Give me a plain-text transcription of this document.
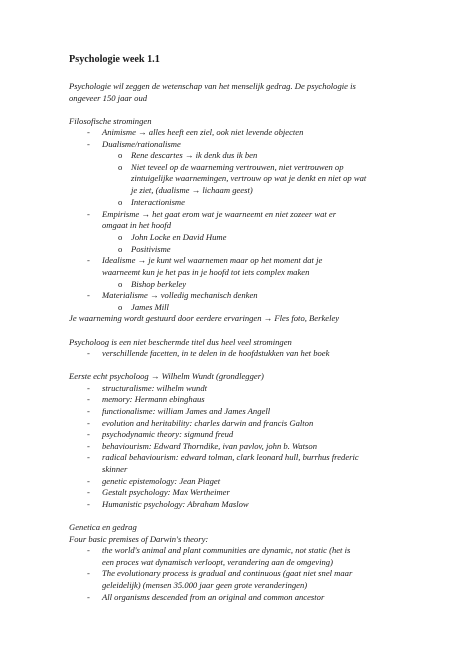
Psychologie week 1.1
Psychologie wil zeggen de wetenschap van het menselijk gedrag. De psychologie is
ongeveer 150 jaar oud
Filosofische stromingen
- Animisme → alles heeft een ziel, ook niet levende objecten
- Dualisme/rationalisme
o Rene descartes → ik denk dus ik ben
o Niet teveel op de waarneming vertrouwen, niet vertrouwen op
zintuigelijke waarnemingen, vertrouw op wat je denkt en niet op wat
je ziet, (dualisme → lichaam geest)
o Interactionisme
- Empirisme → het gaat erom wat je waarneemt en niet zozeer wat er
omgaat in het hoofd
o John Locke en David Hume
o Positivisme
- Idealisme → je kunt wel waarnemen maar op het moment dat je
waarneemt kun je het pas in je hoofd tot iets complex maken
o Bishop berkeley
- Materialisme → volledig mechanisch denken
o James Mill
Je waarneming wordt gestuurd door eerdere ervaringen → Fles foto, Berkeley
Psycholoog is een niet beschermde titel dus heel veel stromingen
- verschillende facetten, in te delen in de hoofdstukken van het boek
Eerste echt psycholoog → Wilhelm Wundt (grondlegger)
- structuralisme: wilhelm wundt
- memory: Hermann ebinghaus
- functionalisme: william James and James Angell
- evolution and heritability: charles darwin and francis Galton
- psychodynamic theory: sigmund freud
- behaviourism: Edward Thorndike, ivan pavlov, john b. Watson
- radical behaviourism: edward tolman, clark leonard hull, burrhus frederic
skinner
- genetic epistemology: Jean Piaget
- Gestalt psychology: Max Wertheimer
- Humanistic psychology: Abraham Maslow
Genetica en gedrag
Four basic premises of Darwin's theory:
- the world's animal and plant communities are dynamic, not static (het is
een proces wat dynamisch verloopt, verandering aan de omgeving)
- The evolutionary process is gradual and continuous (gaat niet snel maar
geleidelijk) (mensen 35.000 jaar geen grote veranderingen)
- All organisms descended from an original and common ancestor
